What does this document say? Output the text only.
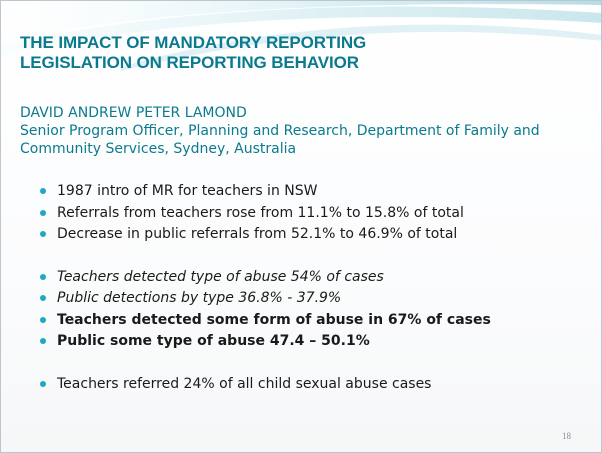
THE IMPACT OF MANDATORY REPORTING
LEGISLATION ON REPORTING BEHAVIOR
DAVID ANDREW PETER LAMOND
Senior Program Officer, Planning and Research, Department of Family and Community Services, Sydney, Australia
1987 intro of MR for teachers in NSW
Referrals from teachers rose from 11.1% to 15.8% of total
Decrease in public referrals from 52.1% to 46.9% of total
Teachers detected type of abuse 54% of cases
Public detections by type 36.8% - 37.9%
Teachers detected some form of abuse in 67% of cases
Public some type of abuse 47.4 – 50.1%
Teachers referred 24% of all child sexual abuse cases
18
